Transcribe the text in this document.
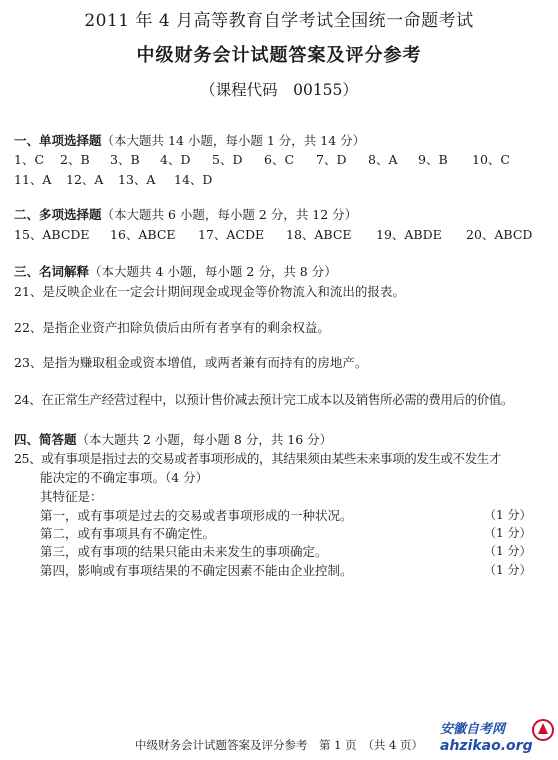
2011 年 4 月高等教育自学考试全国统一命题考试
中级财务会计试题答案及评分参考
（课程代码　00155）
一、单项选择题（本大题共 14 小题，每小题 1 分，共 14 分）
1、C 2、B 3、B 4、D 5、D 6、C 7、D 8、A 9、B 10、C
11、A 12、A 13、A 14、D
二、多项选择题（本大题共 6 小题，每小题 2 分，共 12 分）
15、ABCDE 16、ABCE 17、ACDE 18、ABCE 19、ABDE 20、ABCD
三、名词解释（本大题共 4 小题，每小题 2 分，共 8 分）
21、是反映企业在一定会计期间现金或现金等价物流入和流出的报表。
22、是指企业资产扣除负债后由所有者享有的剩余权益。
23、是指为赚取租金或资本增值，或两者兼有而持有的房地产。
24、在正常生产经营过程中，以预计售价减去预计完工成本以及销售所必需的费用后的价值。
四、简答题（本大题共 2 小题，每小题 8 分，共 16 分）
25、或有事项是指过去的交易或者事项形成的，其结果须由某些未来事项的发生或不发生才
能决定的不确定事项。（4 分）
其特征是：
第一，或有事项是过去的交易或者事项形成的一种状况。	（1 分）
第二，或有事项具有不确定性。	（1 分）
第三，或有事项的结果只能由未来发生的事项确定。	（1 分）
第四，影响或有事项结果的不确定因素不能由企业控制。	（1 分）
中级财务会计试题答案及评分参考　第 1 页　（共 4 页）
安徽自考网
ahzikao.org
